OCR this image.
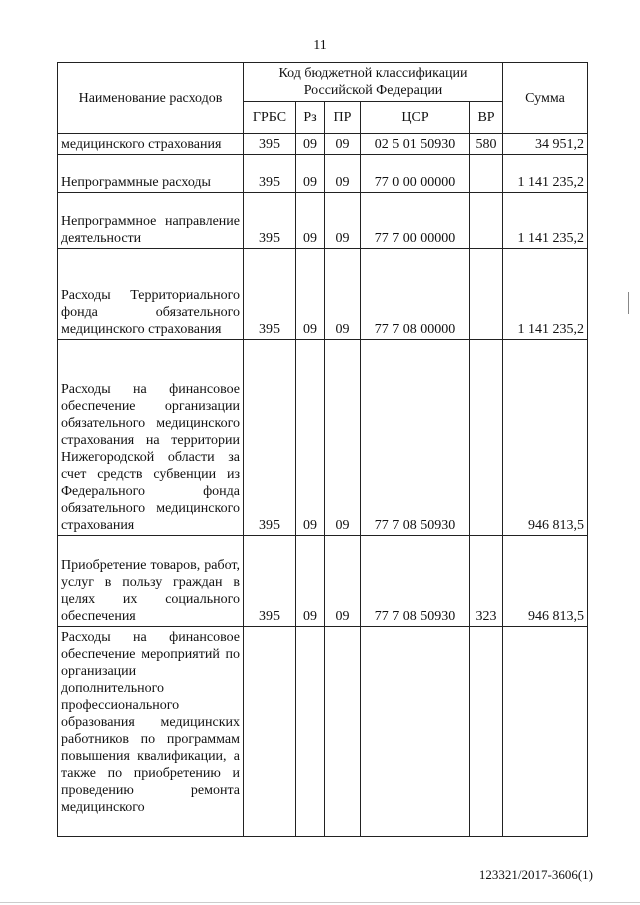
11
Наименование расходов	Код бюджетной классификации Российской Федерации					Сумма
	ГРБС	Рз	ПР	ЦСР	ВР	
медицинского страхования	395	09	09	02 5 01 50930	580	34 951,2
Непрограммные расходы	395	09	09	77 0 00 00000		1 141 235,2
Непрограммное направление деятельности	395	09	09	77 7 00 00000		1 141 235,2
Расходы Территориального фонда обязательного медицинского страхования	395	09	09	77 7 08 00000		1 141 235,2
Расходы на финансовое обеспечение организации обязательного медицинского страхования на территории Нижегородской области за счет средств субвенции из Федерального фонда обязательного медицинского страхования	395	09	09	77 7 08 50930		946 813,5
Приобретение товаров, работ, услуг в пользу граждан в целях их социального обеспечения	395	09	09	77 7 08 50930	323	946 813,5
Расходы на финансовое обеспечение мероприятий по организации дополнительного профессионального образования медицинских работников по программам повышения квалификации, а также по приобретению и проведению ремонта медицинского						
123321/2017-3606(1)
